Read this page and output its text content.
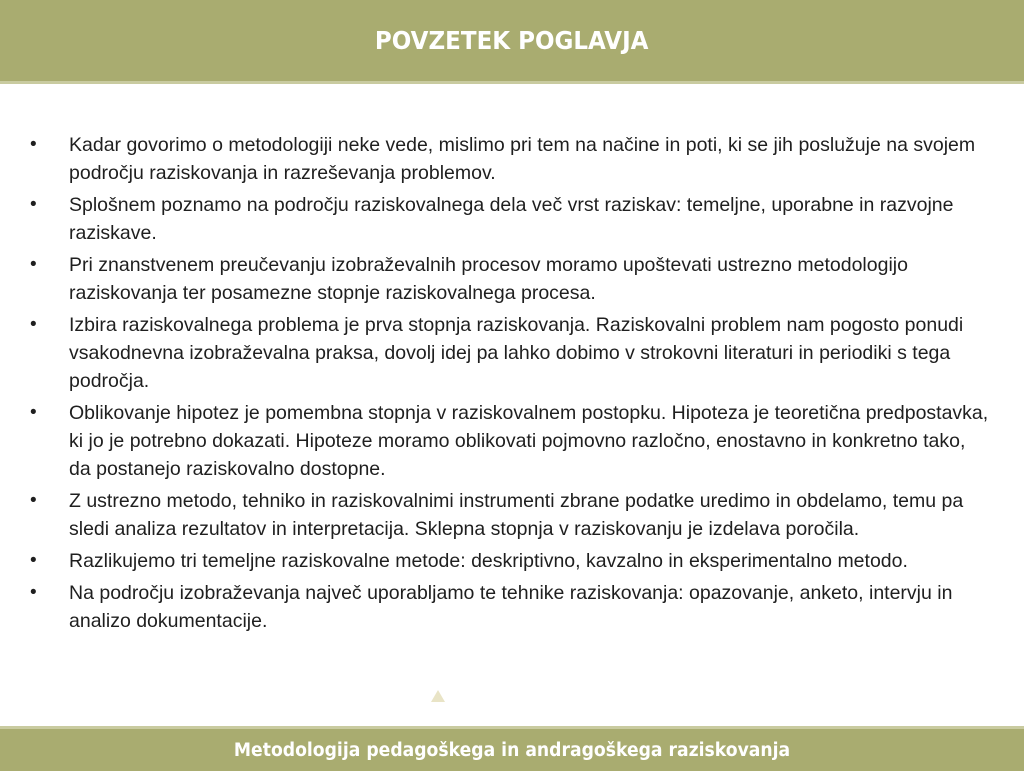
POVZETEK POGLAVJA
•	Kadar govorimo o metodologiji neke vede, mislimo pri tem na načine in poti, ki se jih poslužuje na svojem področju raziskovanja in razreševanja problemov.
•	Splošnem poznamo na področju raziskovalnega dela več vrst raziskav: temeljne, uporabne in razvojne raziskave.
•	Pri znanstvenem preučevanju izobraževalnih procesov moramo upoštevati ustrezno metodologijo raziskovanja ter posamezne stopnje raziskovalnega procesa.
•	Izbira raziskovalnega problema je prva stopnja raziskovanja. Raziskovalni problem nam pogosto ponudi vsakodnevna izobraževalna praksa, dovolj idej pa lahko dobimo v strokovni literaturi in periodiki s tega področja.
•	Oblikovanje hipotez je pomembna stopnja v raziskovalnem postopku. Hipoteza je teoretična predpostavka, ki jo je potrebno dokazati. Hipoteze moramo oblikovati pojmovno razločno, enostavno in konkretno tako, da postanejo raziskovalno dostopne.
•	Z ustrezno metodo, tehniko in raziskovalnimi instrumenti zbrane podatke uredimo in obdelamo, temu pa sledi analiza rezultatov in interpretacija. Sklepna stopnja v raziskovanju je izdelava poročila.
•	Razlikujemo tri temeljne raziskovalne metode: deskriptivno, kavzalno in eksperimentalno metodo.
•	Na področju izobraževanja največ uporabljamo te tehnike raziskovanja: opazovanje, anketo, intervju in analizo dokumentacije.
Metodologija pedagoškega in andragoškega raziskovanja
